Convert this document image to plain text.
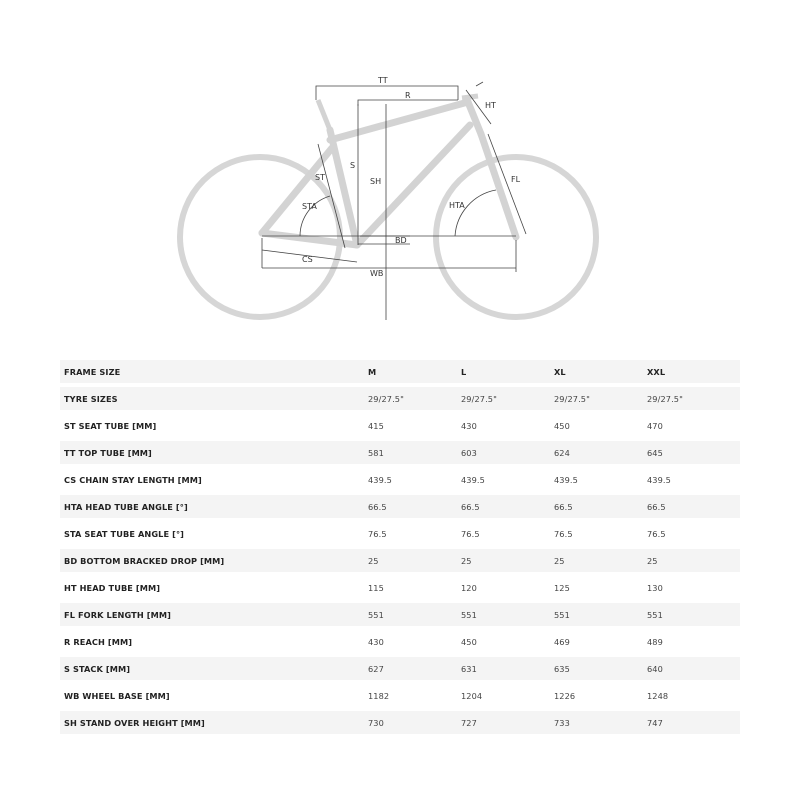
TT
R
HT
S
ST	SH	FL
STA	HTA
BD
CS
WB
FRAME SIZE	M	L	XL	XXL
TYRE SIZES	29/27.5"	29/27.5"	29/27.5"	29/27.5"
ST SEAT TUBE [MM]	415	430	450	470
TT TOP TUBE [MM]	581	603	624	645
CS CHAIN STAY LENGTH [MM]	439.5	439.5	439.5	439.5
HTA HEAD TUBE ANGLE [°]	66.5	66.5	66.5	66.5
STA SEAT TUBE ANGLE [°]	76.5	76.5	76.5	76.5
BD BOTTOM BRACKED DROP [MM]	25	25	25	25
HT HEAD TUBE [MM]	115	120	125	130
FL FORK LENGTH [MM]	551	551	551	551
R REACH [MM]	430	450	469	489
S STACK [MM]	627	631	635	640
WB WHEEL BASE [MM]	1182	1204	1226	1248
SH STAND OVER HEIGHT [MM]	730	727	733	747
